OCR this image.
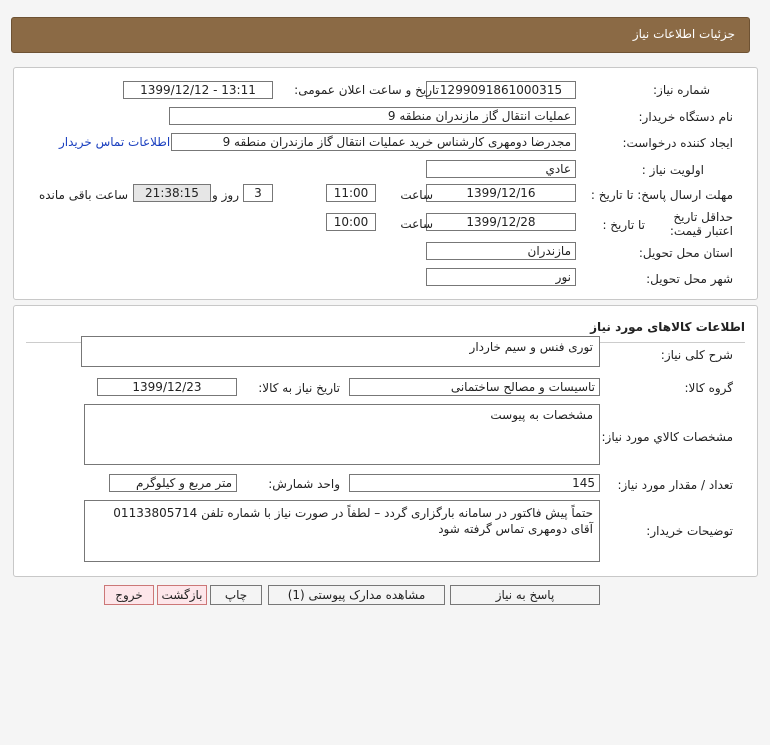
جزئیات اطلاعات نیاز
شماره نیاز:
1299091861000315
تاریخ و ساعت اعلان عمومی:
1399/12/12 - 13:11
نام دستگاه خریدار:
عملیات انتقال گاز مازندران منطقه 9
ایجاد کننده درخواست:
مجدرضا دومهری کارشناس خرید عملیات انتقال گاز مازندران منطقه 9
اطلاعات تماس خریدار
اولویت نیاز :
عادي
مهلت ارسال پاسخ: تا تاریخ :
1399/12/16
ساعت
11:00
3
روز و
21:38:15
ساعت باقی مانده
حداقل تاریخ اعتبار قیمت:
تا تاریخ :
1399/12/28
ساعت
10:00
استان محل تحویل:
مازندران
شهر محل تحویل:
نور
اطلاعات کالاهای مورد نیاز
شرح کلی نیاز:
توری فنس و سیم خاردار
گروه کالا:
تاسیسات و مصالح ساختمانی
تاریخ نیاز به کالا:
1399/12/23
مشخصات کالاي مورد نیاز:
مشخصات به پیوست
تعداد / مقدار مورد نیاز:
145
واحد شمارش:
متر مربع و کیلوگرم
توضیحات خریدار:
حتماً پیش فاکتور در سامانه بارگزاری گردد – لطفاً در صورت نیاز با شماره تلفن 01133805714 آقای دومهری تماس گرفته شود
پاسخ به نیاز
مشاهده مدارک پیوستی (1)
چاپ
بازگشت
خروج
